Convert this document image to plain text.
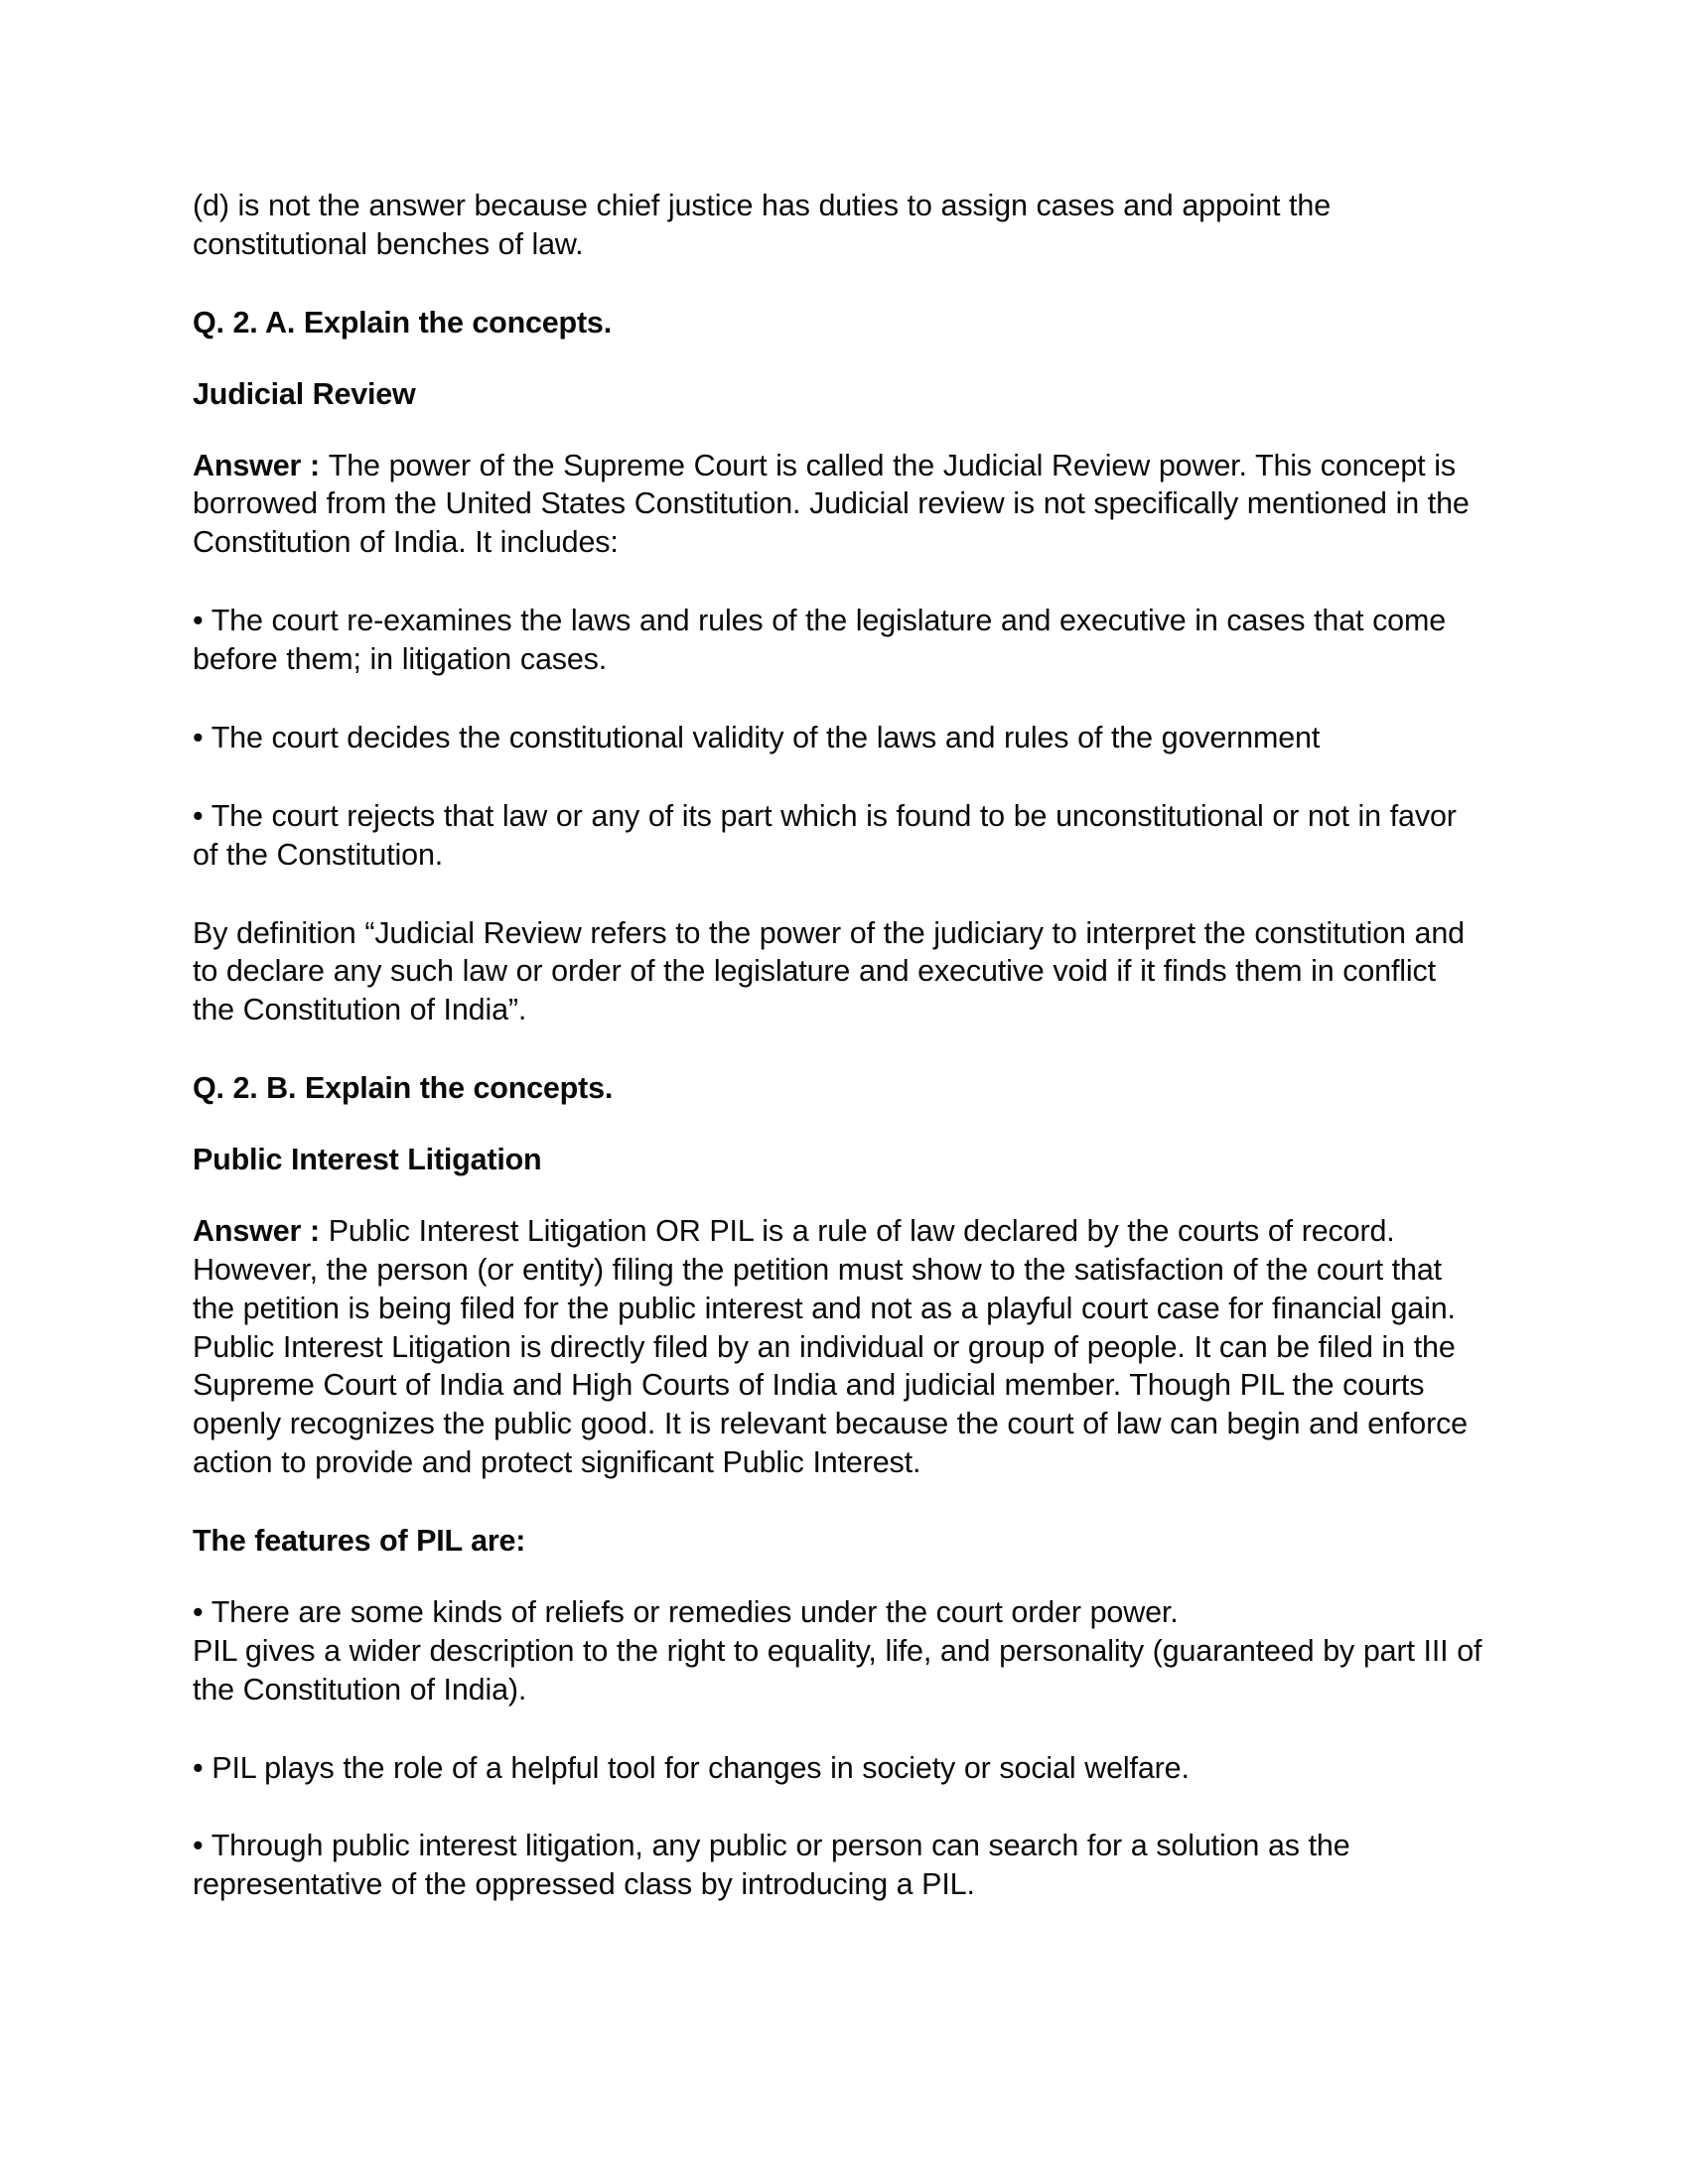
(d) is not the answer because chief justice has duties to assign cases and appoint the constitutional benches of law.

Q. 2. A. Explain the concepts.

Judicial Review

Answer : The power of the Supreme Court is called the Judicial Review power. This concept is borrowed from the United States Constitution. Judicial review is not specifically mentioned in the Constitution of India. It includes:

• The court re-examines the laws and rules of the legislature and executive in cases that come before them; in litigation cases.

• The court decides the constitutional validity of the laws and rules of the government

• The court rejects that law or any of its part which is found to be unconstitutional or not in favor of the Constitution.

By definition “Judicial Review refers to the power of the judiciary to interpret the constitution and to declare any such law or order of the legislature and executive void if it finds them in conflict the Constitution of India”.

Q. 2. B. Explain the concepts.

Public Interest Litigation

Answer : Public Interest Litigation OR PIL is a rule of law declared by the courts of record. However, the person (or entity) filing the petition must show to the satisfaction of the court that the petition is being filed for the public interest and not as a playful court case for financial gain. Public Interest Litigation is directly filed by an individual or group of people. It can be filed in the Supreme Court of India and High Courts of India and judicial member. Though PIL the courts openly recognizes the public good. It is relevant because the court of law can begin and enforce action to provide and protect significant Public Interest.

The features of PIL are:

• There are some kinds of reliefs or remedies under the court order power.
PIL gives a wider description to the right to equality, life, and personality (guaranteed by part III of the Constitution of India).

• PIL plays the role of a helpful tool for changes in society or social welfare.

• Through public interest litigation, any public or person can search for a solution as the representative of the oppressed class by introducing a PIL.
